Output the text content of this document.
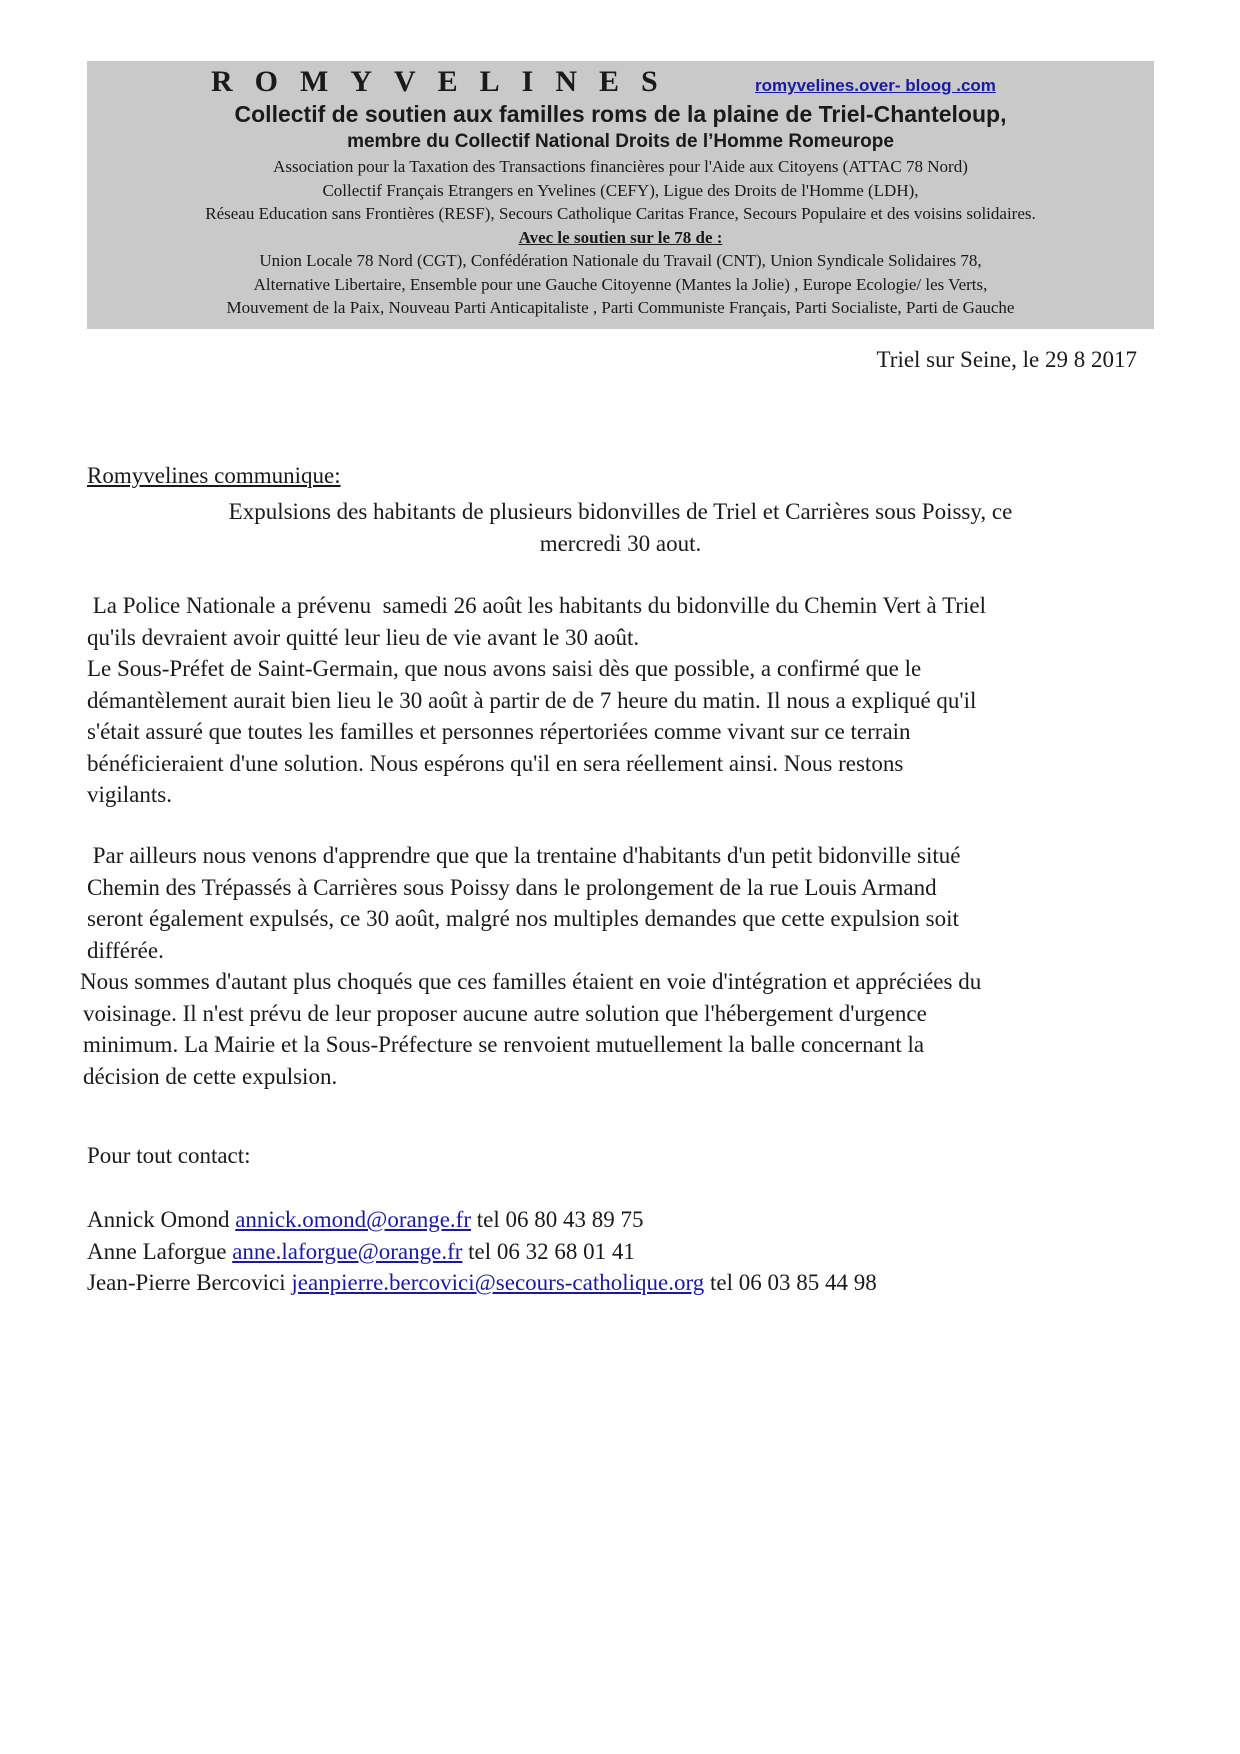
ROMYVELINES	romyvelines.over- bloog .com
Collectif de soutien aux familles roms de la plaine de Triel-Chanteloup,
membre du Collectif National Droits de l’Homme Romeurope
Association pour la Taxation des Transactions financières pour l'Aide aux Citoyens (ATTAC 78 Nord)
Collectif Français Etrangers en Yvelines (CEFY), Ligue des Droits de l'Homme (LDH),
Réseau Education sans Frontières (RESF), Secours Catholique Caritas France, Secours Populaire et des voisins solidaires.
Avec le soutien sur le 78 de :
Union Locale 78 Nord (CGT), Confédération Nationale du Travail (CNT), Union Syndicale Solidaires 78,
Alternative Libertaire, Ensemble pour une Gauche Citoyenne (Mantes la Jolie) , Europe Ecologie/ les Verts,
Mouvement de la Paix, Nouveau Parti Anticapitaliste , Parti Communiste Français, Parti Socialiste, Parti de Gauche
Triel sur Seine, le 29 8 2017
Romyvelines communique:
Expulsions des habitants de plusieurs bidonvilles de Triel et Carrières sous Poissy, ce
mercredi 30 aout.
La Police Nationale a prévenu  samedi 26 août les habitants du bidonville du Chemin Vert à Triel
qu'ils devraient avoir quitté leur lieu de vie avant le 30 août.
Le Sous-Préfet de Saint-Germain, que nous avons saisi dès que possible, a confirmé que le
démantèlement aurait bien lieu le 30 août à partir de de 7 heure du matin. Il nous a expliqué qu'il
s'était assuré que toutes les familles et personnes répertoriées comme vivant sur ce terrain
bénéficieraient d'une solution. Nous espérons qu'il en sera réellement ainsi. Nous restons
vigilants.
Par ailleurs nous venons d'apprendre que que la trentaine d'habitants d'un petit bidonville situé
Chemin des Trépassés à Carrières sous Poissy dans le prolongement de la rue Louis Armand
seront également expulsés, ce 30 août, malgré nos multiples demandes que cette expulsion soit
différée.
Nous sommes d'autant plus choqués que ces familles étaient en voie d'intégration et appréciées du
voisinage. Il n'est prévu de leur proposer aucune autre solution que l'hébergement d'urgence
minimum. La Mairie et la Sous-Préfecture se renvoient mutuellement la balle concernant la
décision de cette expulsion.
Pour tout contact:
Annick Omond annick.omond@orange.fr tel 06 80 43 89 75
Anne Laforgue anne.laforgue@orange.fr tel 06 32 68 01 41
Jean-Pierre Bercovici jeanpierre.bercovici@secours-catholique.org tel 06 03 85 44 98
